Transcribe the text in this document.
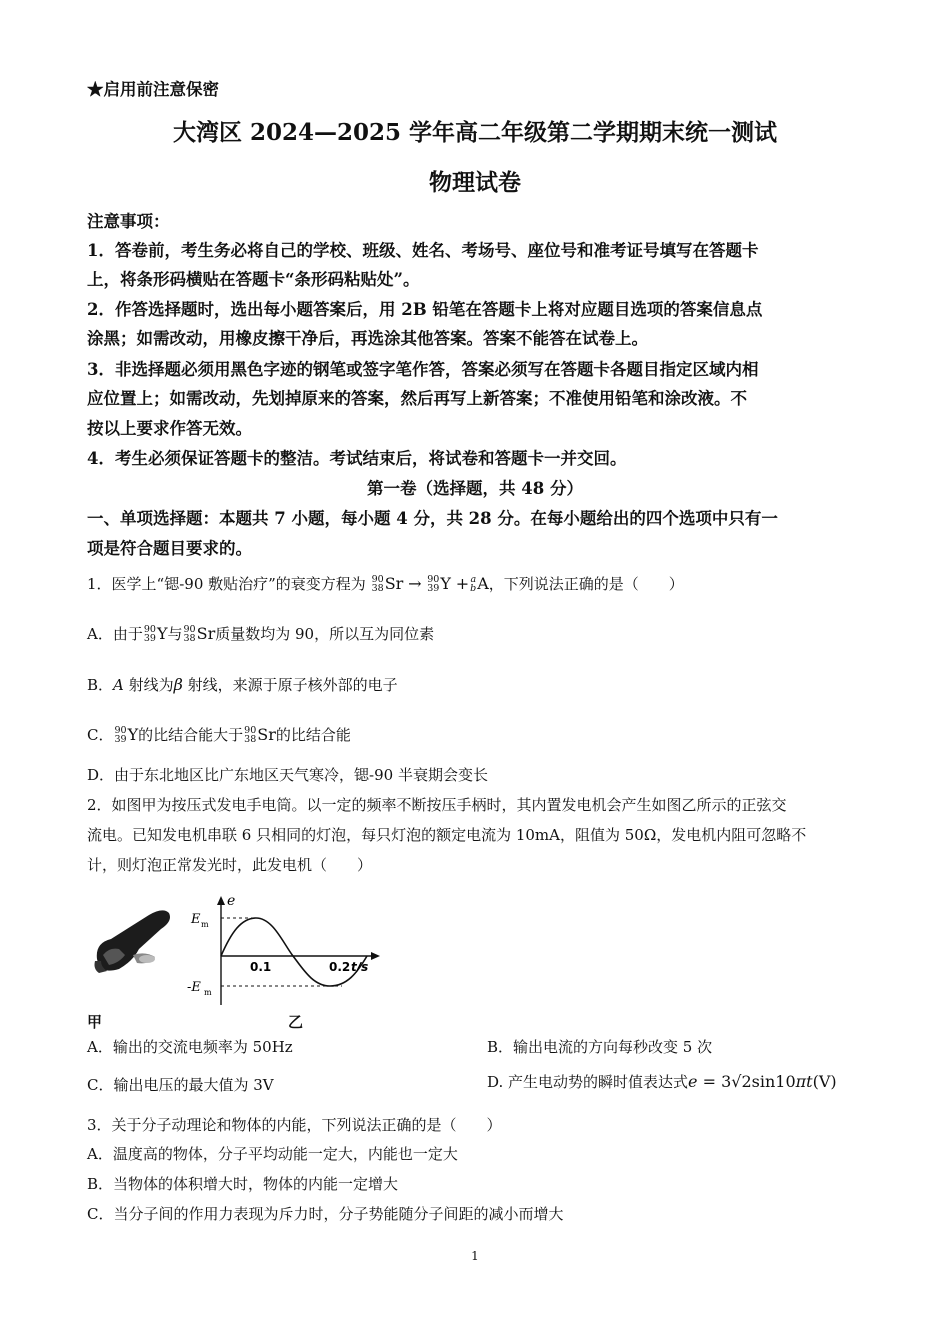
★启用前注意保密
大湾区 2024—2025 学年高二年级第二学期期末统一测试
物理试卷
注意事项：
1．答卷前，考生务必将自己的学校、班级、姓名、考场号、座位号和准考证号填写在答题卡
上，将条形码横贴在答题卡“条形码粘贴处”。
2．作答选择题时，选出每小题答案后，用 2B 铅笔在答题卡上将对应题目选项的答案信息点
涂黑；如需改动，用橡皮擦干净后，再选涂其他答案。答案不能答在试卷上。
3．非选择题必须用黑色字迹的钢笔或签字笔作答，答案必须写在答题卡各题目指定区域内相
应位置上；如需改动，先划掉原来的答案，然后再写上新答案；不准使用铅笔和涂改液。不
按以上要求作答无效。
4．考生必须保证答题卡的整洁。考试结束后，将试卷和答题卡一并交回。
第一卷（选择题，共 48 分）
一、单项选择题：本题共 7 小题，每小题 4 分，共 28 分。在每小题给出的四个选项中只有一
项是符合题目要求的。
1．医学上“锶-90 敷贴治疗”的衰变方程为 90
38 Sr → 90
39 Y + a
b A，下列说法正确的是（　　）
A．由于 90
39 Y与 90
38 Sr质量数均为 90，所以互为同位素
B．A 射线为β 射线，来源于原子核外部的电子
C． 90
39 Y的比结合能大于 90
38 Sr的比结合能
D．由于东北地区比广东地区天气寒冷，锶-90 半衰期会变长
2．如图甲为按压式发电手电筒。以一定的频率不断按压手柄时，其内置发电机会产生如图乙所示的正弦交
流电。已知发电机串联 6 只相同的灯泡，每只灯泡的额定电流为 10mA，阻值为 50Ω，发电机内阻可忽略不
计，则灯泡正常发光时，此发电机（　　）
甲
e
E m
-E m
0.1	0.2 t/s
乙
A．输出的交流电频率为 50Hz	B．输出电流的方向每秒改变 5 次
C．输出电压的最大值为 3V	D. 产生电动势的瞬时值表达式e = 3√2sin10πt(V)
3．关于分子动理论和物体的内能，下列说法正确的是（　　）
A．温度高的物体，分子平均动能一定大，内能也一定大
B．当物体的体积增大时，物体的内能一定增大
C．当分子间的作用力表现为斥力时，分子势能随分子间距的减小而增大
1
